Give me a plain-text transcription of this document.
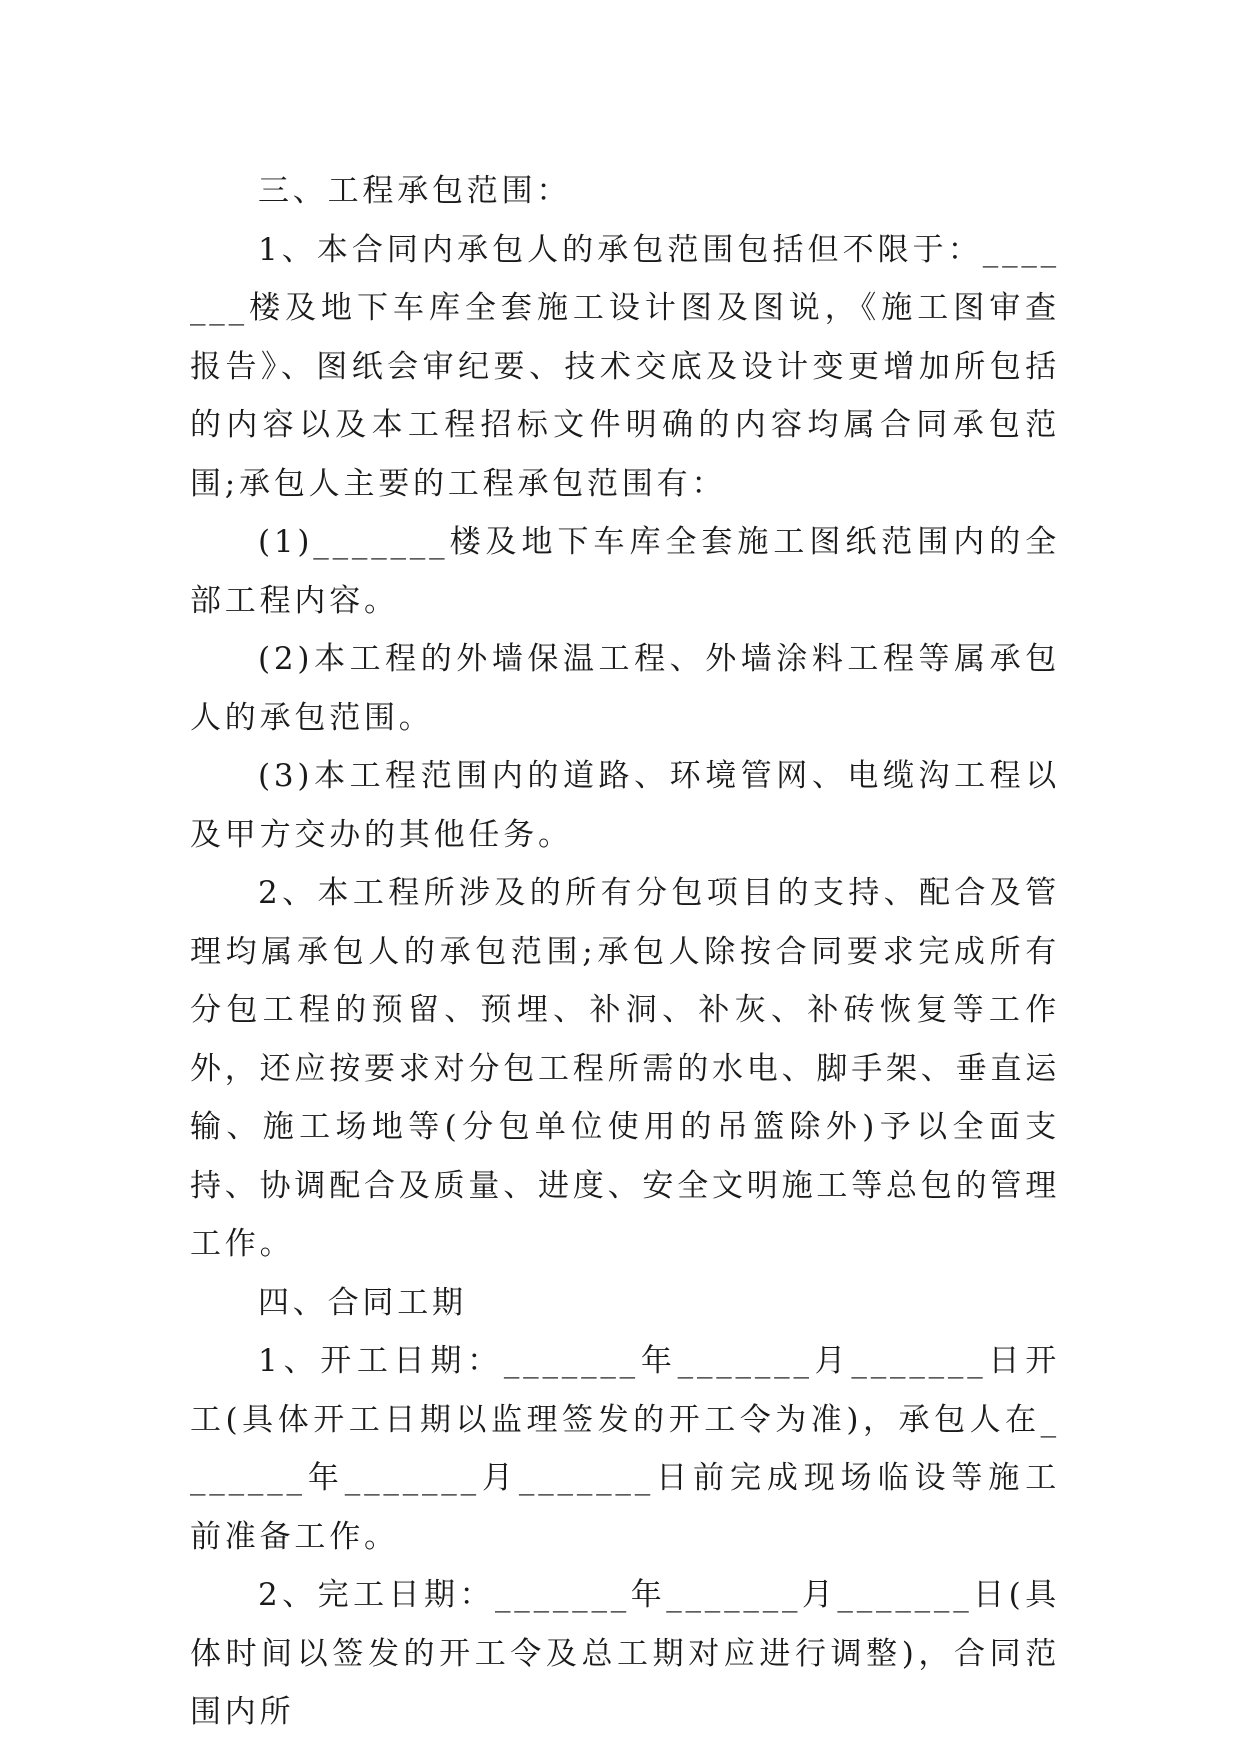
三、工程承包范围：

1、本合同内承包人的承包范围包括但不限于：_______楼及地下车库全套施工设计图及图说，《施工图审查报告》、图纸会审纪要、技术交底及设计变更增加所包括的内容以及本工程招标文件明确的内容均属合同承包范围;承包人主要的工程承包范围有：

(1)_______楼及地下车库全套施工图纸范围内的全部工程内容。

(2)本工程的外墙保温工程、外墙涂料工程等属承包人的承包范围。

(3)本工程范围内的道路、环境管网、电缆沟工程以及甲方交办的其他任务。

2、本工程所涉及的所有分包项目的支持、配合及管理均属承包人的承包范围;承包人除按合同要求完成所有分包工程的预留、预埋、补洞、补灰、补砖恢复等工作外，还应按要求对分包工程所需的水电、脚手架、垂直运输、施工场地等(分包单位使用的吊篮除外)予以全面支持、协调配合及质量、进度、安全文明施工等总包的管理工作。

四、合同工期

1、开工日期：_______年_______月_______日开工(具体开工日期以监理签发的开工令为准)，承包人在_______年_______月_______日前完成现场临设等施工前准备工作。

2、完工日期：_______年_______月_______日(具体时间以签发的开工令及总工期对应进行调整)，合同范围内所
